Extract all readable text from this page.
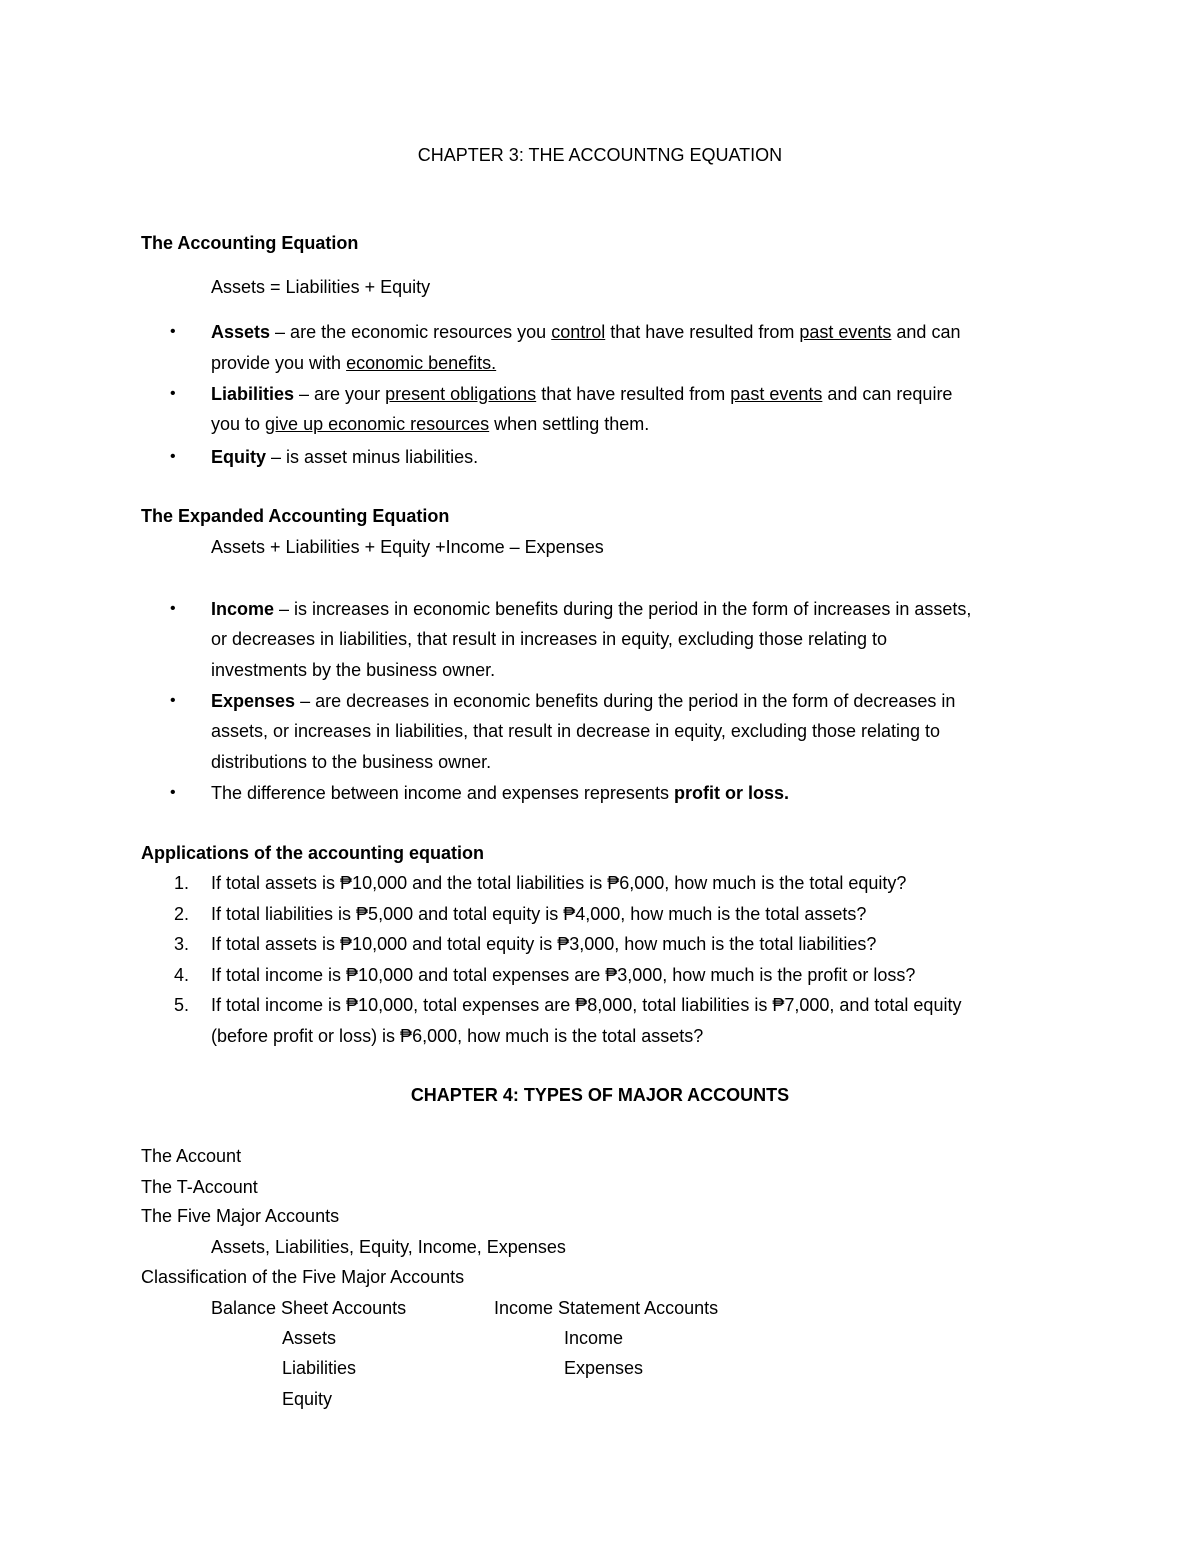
CHAPTER 3: THE ACCOUNTNG EQUATION
The Accounting Equation
Assets = Liabilities + Equity
• Assets – are the economic resources you control that have resulted from past events and can
provide you with economic benefits.
• Liabilities – are your present obligations that have resulted from past events and can require
you to give up economic resources when settling them.
• Equity – is asset minus liabilities.
The Expanded Accounting Equation
Assets + Liabilities + Equity +Income – Expenses
• Income – is increases in economic benefits during the period in the form of increases in assets,
or decreases in liabilities, that result in increases in equity, excluding those relating to
investments by the business owner.
• Expenses – are decreases in economic benefits during the period in the form of decreases in
assets, or increases in liabilities, that result in decrease in equity, excluding those relating to
distributions to the business owner.
• The difference between income and expenses represents profit or loss.
Applications of the accounting equation
1. If total assets is ₱10,000 and the total liabilities is ₱6,000, how much is the total equity?
2. If total liabilities is ₱5,000 and total equity is ₱4,000, how much is the total assets?
3. If total assets is ₱10,000 and total equity is ₱3,000, how much is the total liabilities?
4. If total income is ₱10,000 and total expenses are ₱3,000, how much is the profit or loss?
5. If total income is ₱10,000, total expenses are ₱8,000, total liabilities is ₱7,000, and total equity
(before profit or loss) is ₱6,000, how much is the total assets?
CHAPTER 4: TYPES OF MAJOR ACCOUNTS
The Account
The T-Account
The Five Major Accounts
Assets, Liabilities, Equity, Income, Expenses
Classification of the Five Major Accounts
Balance Sheet Accounts	Income Statement Accounts
Assets	Income
Liabilities	Expenses
Equity
